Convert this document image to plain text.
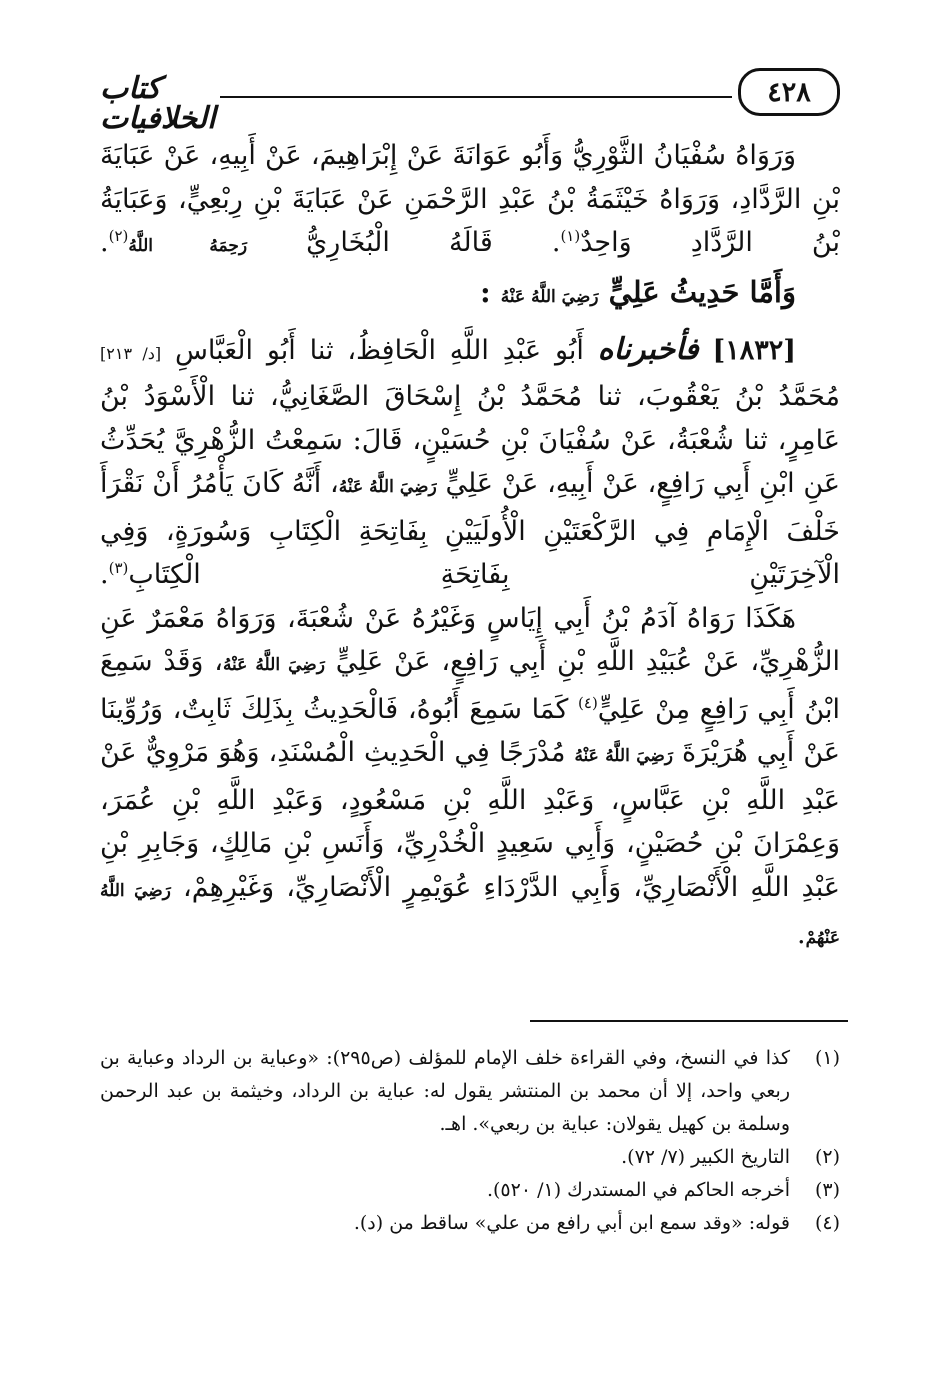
٤٢٨
كتاب الخلافيات

وَرَوَاهُ سُفْيَانُ الثَّوْرِيُّ وَأَبُو عَوَانَةَ عَنْ إِبْرَاهِيمَ، عَنْ أَبِيهِ، عَنْ عَبَايَةَ بْنِ الرَّدَّادِ، وَرَوَاهُ خَيْثَمَةُ بْنُ عَبْدِ الرَّحْمَنِ عَنْ عَبَايَةَ بْنِ رِبْعِيٍّ، وَعَبَايَةُ بْنُ الرَّدَّادِ وَاحِدٌ$^{(١)}$. قَالَهُ الْبُخَارِيُّ رَحِمَهُ اللَّهُ$^{(٢)}$.

وَأَمَّا حَدِيثُ عَلِيٍّ رَضِيَ اللَّهُ عَنْهُ :

[١٨٣٢] فأخبرناه أَبُو عَبْدِ اللَّهِ الْحَافِظُ، ثنا أَبُو الْعَبَّاسِ [د/ ٢١٣] مُحَمَّدُ بْنُ يَعْقُوبَ، ثنا مُحَمَّدُ بْنُ إِسْحَاقَ الصَّغَانِيُّ، ثنا الْأَسْوَدُ بْنُ عَامِرٍ، ثنا شُعْبَةُ، عَنْ سُفْيَانَ بْنِ حُسَيْنٍ، قَالَ: سَمِعْتُ الزُّهْرِيَّ يُحَدِّثُ عَنِ ابْنِ أَبِي رَافِعٍ، عَنْ أَبِيهِ، عَنْ عَلِيٍّ رَضِيَ اللَّهُ عَنْهُ، أَنَّهُ كَانَ يَأْمُرُ أَنْ نَقْرَأَ خَلْفَ الْإِمَامِ فِي الرَّكْعَتَيْنِ الْأُولَيَيْنِ بِفَاتِحَةِ الْكِتَابِ وَسُورَةٍ، وَفِي الْآخِرَتَيْنِ بِفَاتِحَةِ الْكِتَابِ$^{(٣)}$.

هَكَذَا رَوَاهُ آدَمُ بْنُ أَبِي إِيَاسٍ وَغَيْرُهُ عَنْ شُعْبَةَ، وَرَوَاهُ مَعْمَرٌ عَنِ الزُّهْرِيِّ، عَنْ عُبَيْدِ اللَّهِ بْنِ أَبِي رَافِعٍ، عَنْ عَلِيٍّ رَضِيَ اللَّهُ عَنْهُ، وَقَدْ سَمِعَ ابْنُ أَبِي رَافِعٍ مِنْ عَلِيٍّ$^{(٤)}$ كَمَا سَمِعَ أَبُوهُ، فَالْحَدِيثُ بِذَلِكَ ثَابِتٌ، وَرُوِّينَا عَنْ أَبِي هُرَيْرَةَ رَضِيَ اللَّهُ عَنْهُ مُدْرَجًا فِي الْحَدِيثِ الْمُسْنَدِ، وَهُوَ مَرْوِيٌّ عَنْ عَبْدِ اللَّهِ بْنِ عَبَّاسٍ، وَعَبْدِ اللَّهِ بْنِ مَسْعُودٍ، وَعَبْدِ اللَّهِ بْنِ عُمَرَ، وَعِمْرَانَ بْنِ حُصَيْنٍ، وَأَبِي سَعِيدٍ الْخُدْرِيِّ، وَأَنَسِ بْنِ مَالِكٍ، وَجَابِرِ بْنِ عَبْدِ اللَّهِ الْأَنْصَارِيِّ، وَأَبِي الدَّرْدَاءِ عُوَيْمِرٍ الْأَنْصَارِيِّ، وَغَيْرِهِمْ، رَضِيَ اللَّهُ عَنْهُمْ.

(١)
كذا في النسخ، وفي القراءة خلف الإمام للمؤلف (ص٢٩٥): «وعباية بن الرداد وعباية بن ربعي واحد، إلا أن محمد بن المنتشر يقول له: عباية بن الرداد، وخيثمة بن عبد الرحمن وسلمة بن كهيل يقولان: عباية بن ربعي». اهـ.
(٢)
التاريخ الكبير (٧/ ٧٢).
(٣)
أخرجه الحاكم في المستدرك (١/ ٥٢٠).
(٤)
قوله: «وقد سمع ابن أبي رافع من علي» ساقط من (د).
